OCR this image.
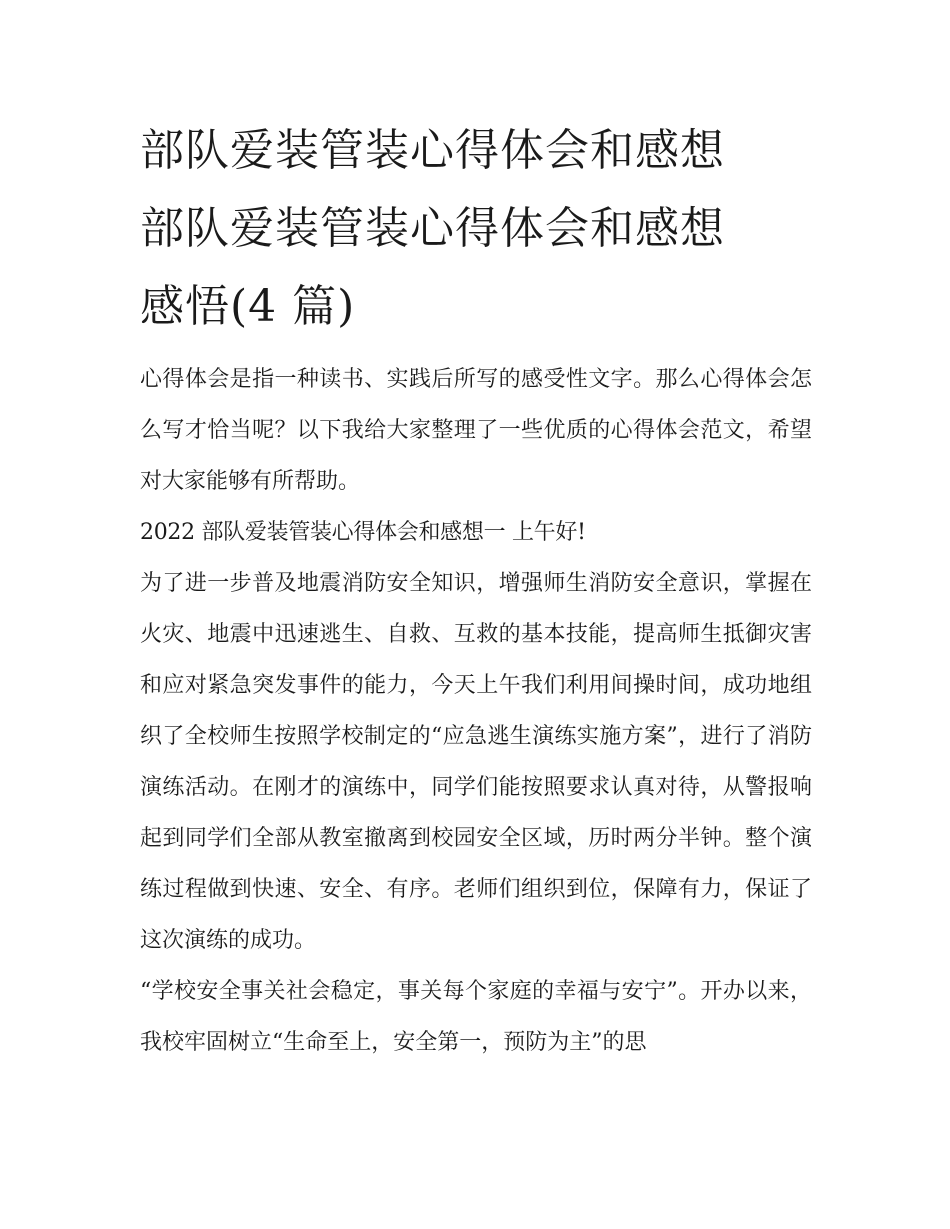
部队爱装管装心得体会和感想
部队爱装管装心得体会和感想
感悟(4 篇)

心得体会是指一种读书、实践后所写的感受性文字。那么心得体会怎么写才恰当呢？以下我给大家整理了一些优质的心得体会范文，希望对大家能够有所帮助。

2022 部队爱装管装心得体会和感想一 上午好!

为了进一步普及地震消防安全知识，增强师生消防安全意识，掌握在火灾、地震中迅速逃生、自救、互救的基本技能，提高师生抵御灾害和应对紧急突发事件的能力，今天上午我们利用间操时间，成功地组织了全校师生按照学校制定的“应急逃生演练实施方案”，进行了消防演练活动。在刚才的演练中，同学们能按照要求认真对待，从警报响起到同学们全部从教室撤离到校园安全区域，历时两分半钟。整个演练过程做到快速、安全、有序。老师们组织到位，保障有力，保证了这次演练的成功。

“学校安全事关社会稳定，事关每个家庭的幸福与安宁”。开办以来，我校牢固树立“生命至上，安全第一，预防为主”的思
